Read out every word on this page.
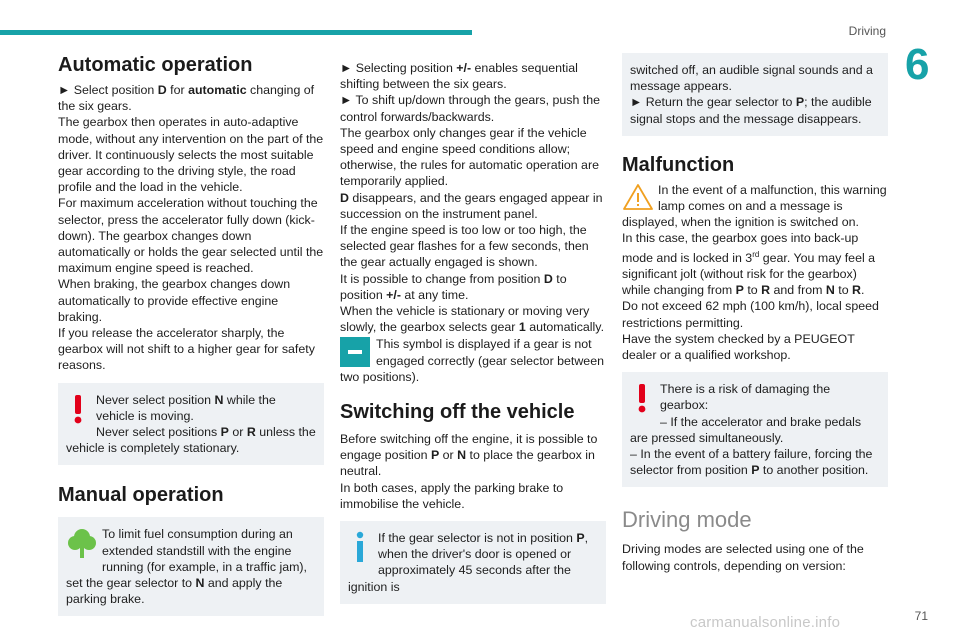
Driving
6
Automatic operation

► Select position D for automatic changing of the six gears.

The gearbox then operates in auto-adaptive mode, without any intervention on the part of the driver. It continuously selects the most suitable gear according to the driving style, the road profile and the load in the vehicle.

For maximum acceleration without touching the selector, press the accelerator fully down (kick-down). The gearbox changes down automatically or holds the gear selected until the maximum engine speed is reached.

When braking, the gearbox changes down automatically to provide effective engine braking.

If you release the accelerator sharply, the gearbox will not shift to a higher gear for safety reasons.

Never select position N while the vehicle is moving.

Never select positions P or R unless the vehicle is completely stationary.

Manual operation

To limit fuel consumption during an extended standstill with the engine running (for example, in a traffic jam), set the gear selector to N and apply the parking brake.

► Selecting position +/- enables sequential shifting between the six gears.

► To shift up/down through the gears, push the control forwards/backwards.

The gearbox only changes gear if the vehicle speed and engine speed conditions allow; otherwise, the rules for automatic operation are temporarily applied.

D disappears, and the gears engaged appear in succession on the instrument panel.

If the engine speed is too low or too high, the selected gear flashes for a few seconds, then the gear actually engaged is shown.

It is possible to change from position D to position +/- at any time.

When the vehicle is stationary or moving very slowly, the gearbox selects gear 1 automatically.

This symbol is displayed if a gear is not engaged correctly (gear selector between two positions).

Switching off the vehicle

Before switching off the engine, it is possible to engage position P or N to place the gearbox in neutral.

In both cases, apply the parking brake to immobilise the vehicle.

If the gear selector is not in position P, when the driver's door is opened or approximately 45 seconds after the ignition is

switched off, an audible signal sounds and a message appears.

► Return the gear selector to P; the audible signal stops and the message disappears.

Malfunction

In the event of a malfunction, this warning lamp comes on and a message is displayed, when the ignition is switched on.

In this case, the gearbox goes into back-up mode and is locked in 3rd gear. You may feel a significant jolt (without risk for the gearbox) while changing from P to R and from N to R.

Do not exceed 62 mph (100 km/h), local speed restrictions permitting.

Have the system checked by a PEUGEOT dealer or a qualified workshop.

There is a risk of damaging the gearbox:

– If the accelerator and brake pedals are pressed simultaneously.

– In the event of a battery failure, forcing the selector from position P to another position.

Driving mode

Driving modes are selected using one of the following controls, depending on version:

carmanualsonline.info	71
